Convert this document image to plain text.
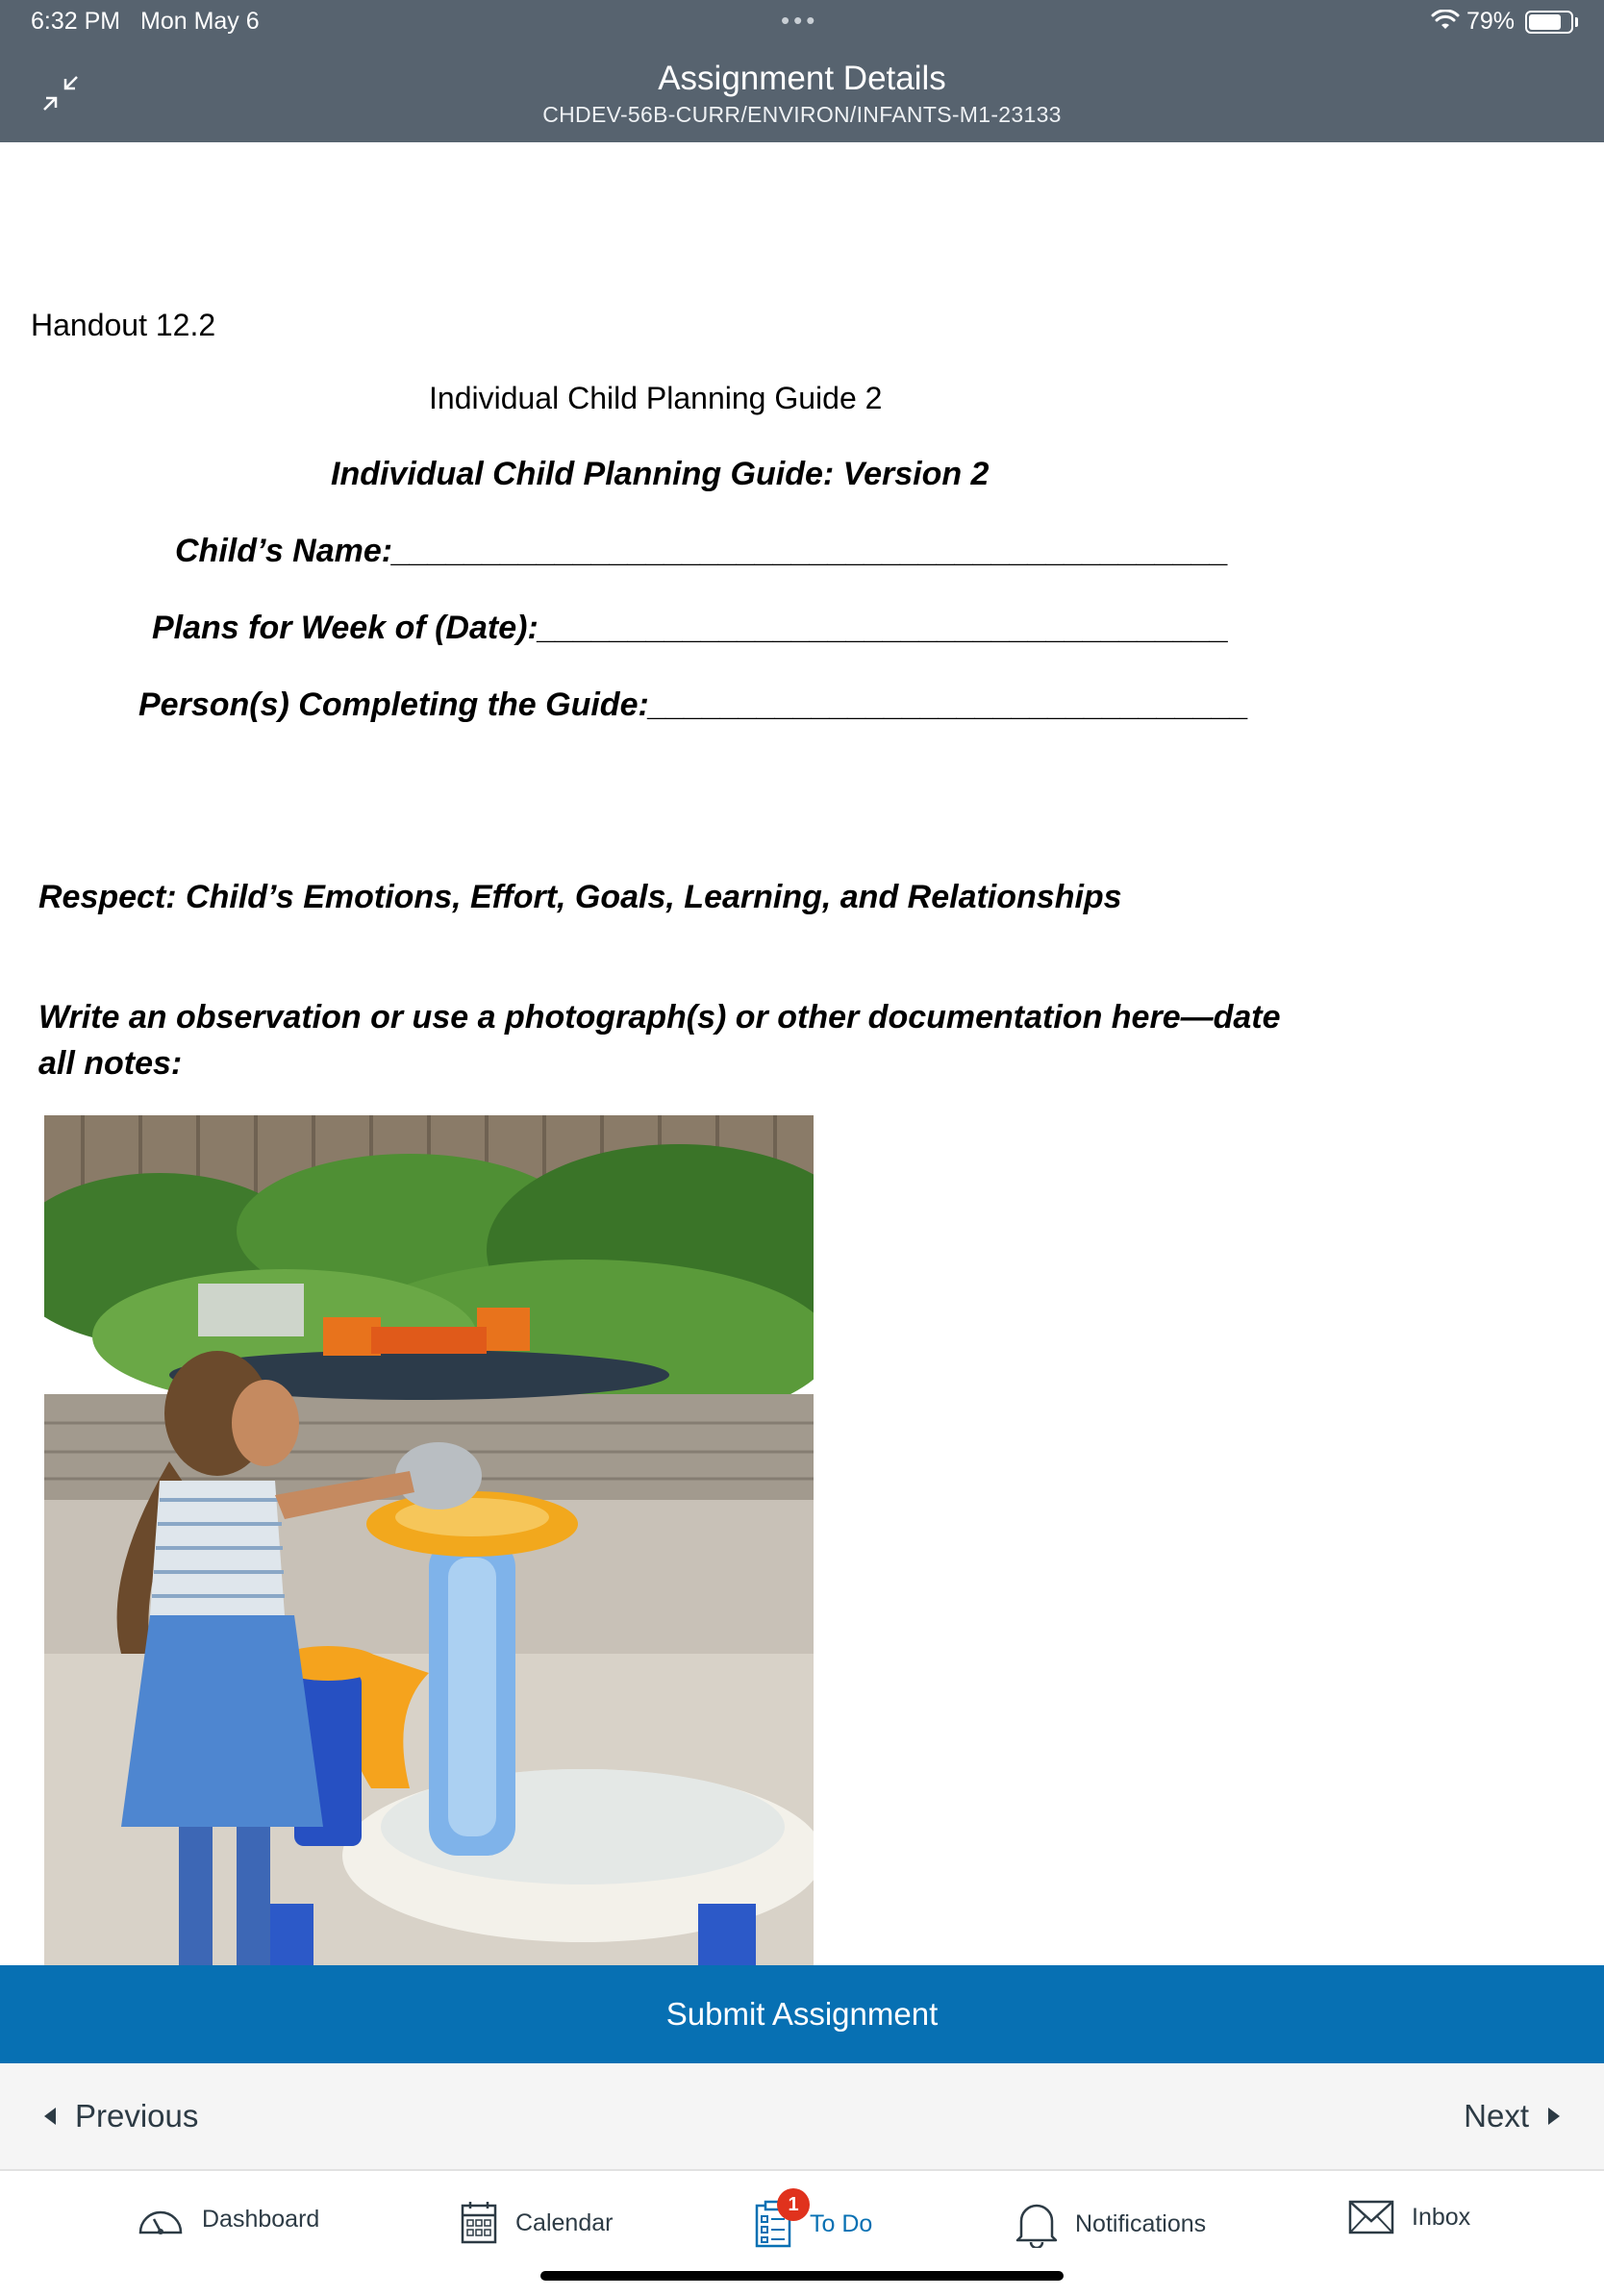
6:32 PM Mon May 6	•••	79%
Assignment Details
CHDEV-56B-CURR/ENVIRON/INFANTS-M1-23133
Handout 12.2
Individual Child Planning Guide 2
Individual Child Planning Guide: Version 2
Child’s Name:______________________________________________
Plans for Week of (Date):______________________________________
Person(s) Completing the Guide:_________________________________
Respect: Child’s Emotions, Effort, Goals, Learning, and Relationships
Write an observation or use a photograph(s) or other documentation here—date all notes:
Submit Assignment
Previous	Next
Dashboard	Calendar
1
To Do	Notifications	Inbox
